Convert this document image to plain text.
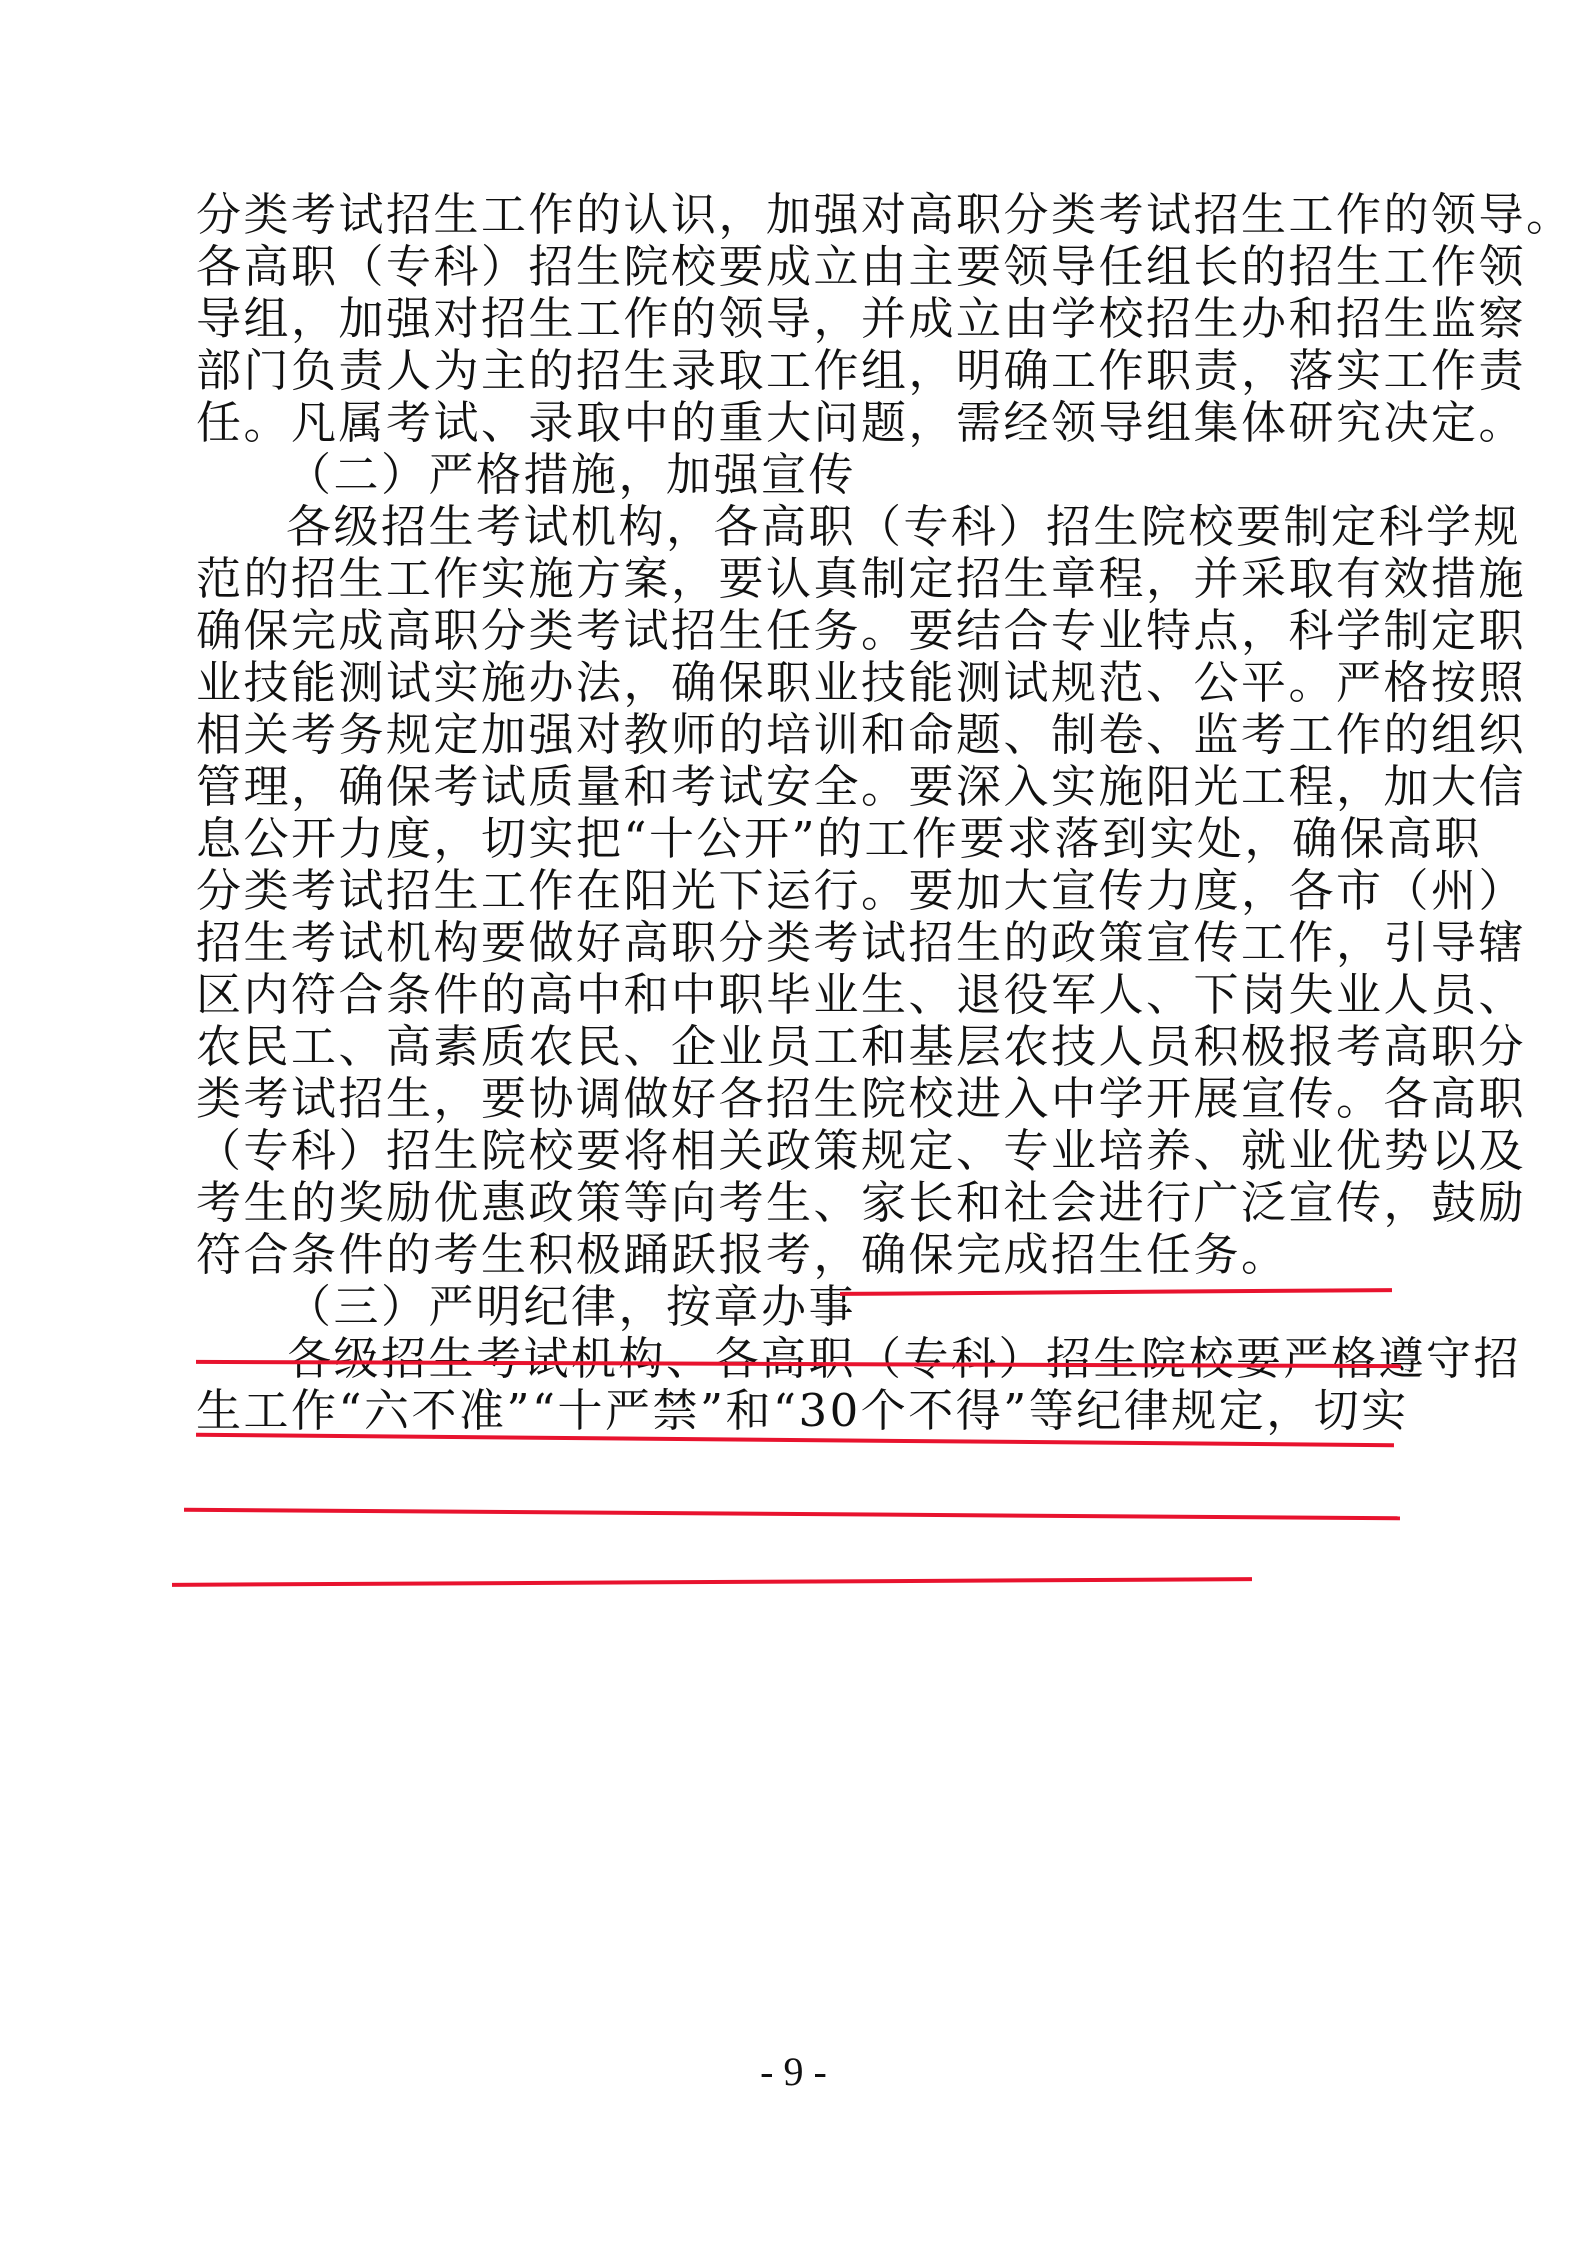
分类考试招生工作的认识，加强对高职分类考试招生工作的领导。
各高职（专科）招生院校要成立由主要领导任组长的招生工作领
导组，加强对招生工作的领导，并成立由学校招生办和招生监察
部门负责人为主的招生录取工作组，明确工作职责，落实工作责
任。凡属考试、录取中的重大问题，需经领导组集体研究决定。
（二）严格措施，加强宣传
各级招生考试机构，各高职（专科）招生院校要制定科学规
范的招生工作实施方案，要认真制定招生章程，并采取有效措施
确保完成高职分类考试招生任务。要结合专业特点，科学制定职
业技能测试实施办法，确保职业技能测试规范、公平。严格按照
相关考务规定加强对教师的培训和命题、制卷、监考工作的组织
管理，确保考试质量和考试安全。要深入实施阳光工程，加大信
息公开力度，切实把“十公开”的工作要求落到实处，确保高职
分类考试招生工作在阳光下运行。要加大宣传力度，各市（州）
招生考试机构要做好高职分类考试招生的政策宣传工作，引导辖
区内符合条件的高中和中职毕业生、退役军人、下岗失业人员、
农民工、高素质农民、企业员工和基层农技人员积极报考高职分
类考试招生，要协调做好各招生院校进入中学开展宣传。各高职
（专科）招生院校要将相关政策规定、专业培养、就业优势以及
考生的奖励优惠政策等向考生、家长和社会进行广泛宣传，鼓励
符合条件的考生积极踊跃报考，确保完成招生任务。
（三）严明纪律，按章办事
各级招生考试机构、各高职（专科）招生院校要严格遵守招
生工作“六不准”“十严禁”和“30个不得”等纪律规定，切实
- 9 -
